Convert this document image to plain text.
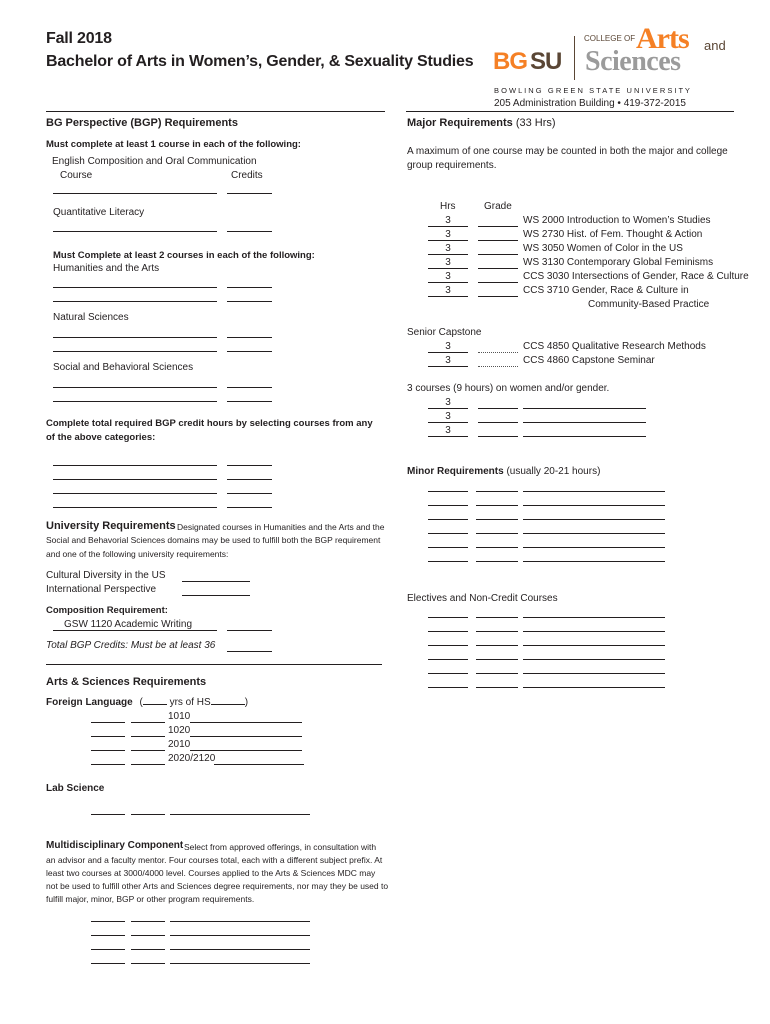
Fall 2018
Bachelor of Arts in Women’s, Gender, & Sexuality Studies BG SU
COLLEGE OF Arts and
Sciences
B O W L I N G   G R E E N   S T A T E   U N I V E R S I T Y
205 Administration Building • 419-372-2015
BG Perspective (BGP) Requirements
Must complete at least 1 course in each of the following:
English Composition and Oral Communication
Course	Credits
Quantitative Literacy
Must Complete at least 2 courses in each of the following:
Humanities and the Arts
Natural Sciences
Social and Behavioral Sciences
Complete total required BGP credit hours by selecting courses from any
of the above categories:
University Requirements Designated courses in Humanities and the Arts and the
Social and Behavorial Sciences domains may be used to fulfill both the BGP requirement
and one of the following university requirements:
Cultural Diversity in the US
International Perspective
Composition Requirement:
GSW 1120 Academic Writing
Total BGP Credits: Must be at least 36
Arts & Sciences Requirements
Foreign Language (	yrs of HS	)
1010
1020
2010
2020/2120
Lab Science
Multidisciplinary Component Select from approved offerings, in consultation with
an advisor and a faculty mentor. Four courses total, each with a different subject prefix. At
least two courses at 3000/4000 level. Courses applied to the Arts & Sciences MDC may
not be used to fulfill other Arts and Sciences degree requirements, nor may they be used to
fulfill major, minor, BGP or other program requirements.
Major Requirements (33 Hrs)
A maximum of one course may be counted in both the major and college
group requirements.
Hrs	Grade
3	WS 2000 Introduction to Women’s Studies
3	WS 2730 Hist. of Fem. Thought & Action
3	WS 3050 Women of Color in the US
3	WS 3130 Contemporary Global Feminisms
3	CCS 3030 Intersections of Gender, Race & Culture
3	CCS 3710 Gender, Race & Culture in
Community-Based Practice
Senior Capstone
3	CCS 4850 Qualitative Research Methods
3	CCS 4860 Capstone Seminar
3 courses (9 hours) on women and/or gender.
3
3
3
Minor Requirements (usually 20-21 hours)
Electives and Non-Credit Courses
